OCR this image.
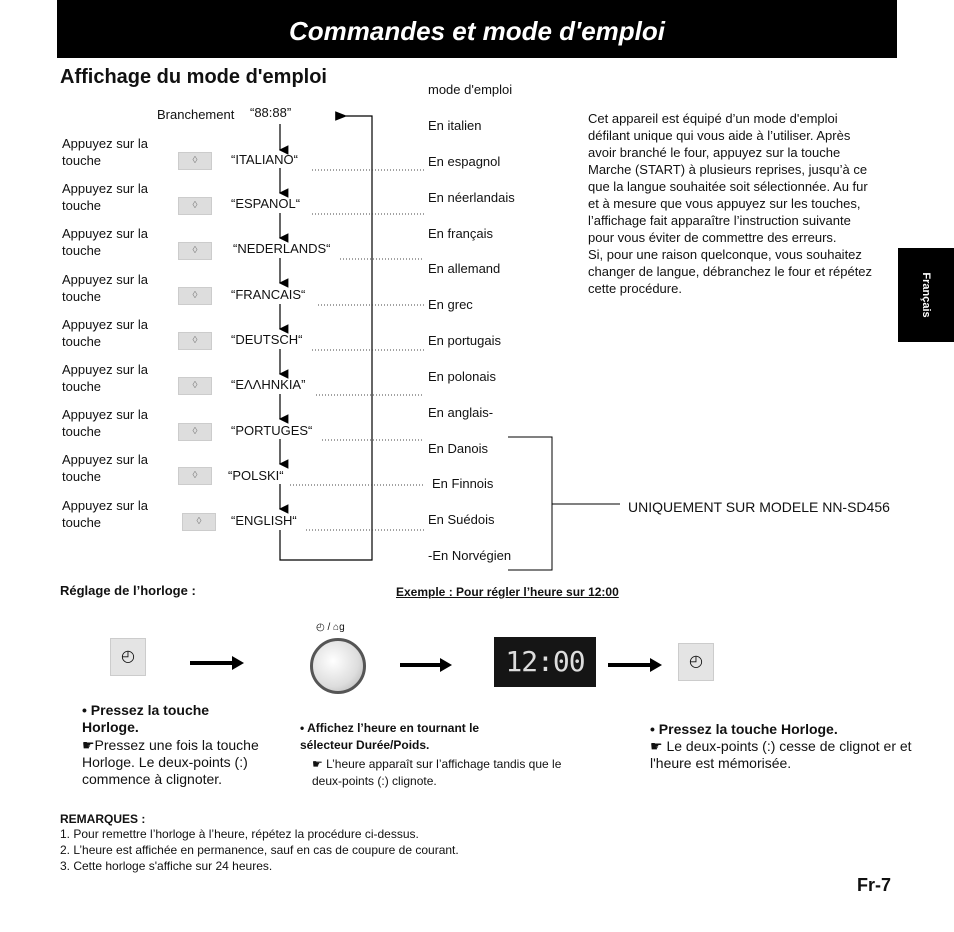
Commandes et mode d'emploi
Affichage du mode d'emploi
Français
Branchement “88:88”
Appuyez sur la touche
Appuyez sur la touche
Appuyez sur la touche
Appuyez sur la touche
Appuyez sur la touche
Appuyez sur la touche
Appuyez sur la touche
Appuyez sur la touche
Appuyez sur la touche
◊
◊
◊
◊
◊
◊
◊
◊
◊
“ITALIANO“
“ESPANOL“
“NEDERLANDS“
“FRANCAIS“
“DEUTSCH“
“ΕΛΛΗΝΚΙΑ”
“PORTUGES“
“POLSKI“
“ENGLISH“
mode d'emploi
En italien
En espagnol
En néerlandais
En français
En allemand
En grec
En portugais
En polonais
En anglais-
En Danois
En Finnois
En Suédois
-En Norvégien
UNIQUEMENT SUR MODELE NN-SD456
Cet appareil est équipé d’un mode d'emploi défilant unique qui vous aide à l’utiliser. Après avoir branché le four, appuyez sur la touche Marche (START) à plusieurs reprises, jusqu’à ce que la langue souhaitée soit sélectionnée. Au fur et à mesure que vous appuyez sur les touches, l’affichage fait apparaître l’instruction suivante pour vous éviter de commettre des erreurs.
Si, pour une raison quelconque, vous souhaitez changer de langue, débranchez le four et répétez cette procédure.
Réglage de l’horloge :	Exemple : Pour régler l’heure sur 12:00
◴
◴ / ⌂g
12:00	◴
• Pressez la touche Horloge.
☛Pressez une fois la touche Horloge. Le deux-points (:) commence à clignoter.
• Affichez l’heure en tournant le sélecteur Durée/Poids.
☛ L’heure apparaît sur l’affichage tandis que le deux-points (:) clignote.
• Pressez la touche Horloge.
☛ Le deux-points (:) cesse de clignot er et l'heure est mémorisée.
REMARQUES :
1. Pour remettre l’horloge à l’heure, répétez la procédure ci-dessus.
2. L’heure est affichée en permanence, sauf en cas de coupure de courant.
3. Cette horloge s'affiche sur 24 heures.
Fr-7
